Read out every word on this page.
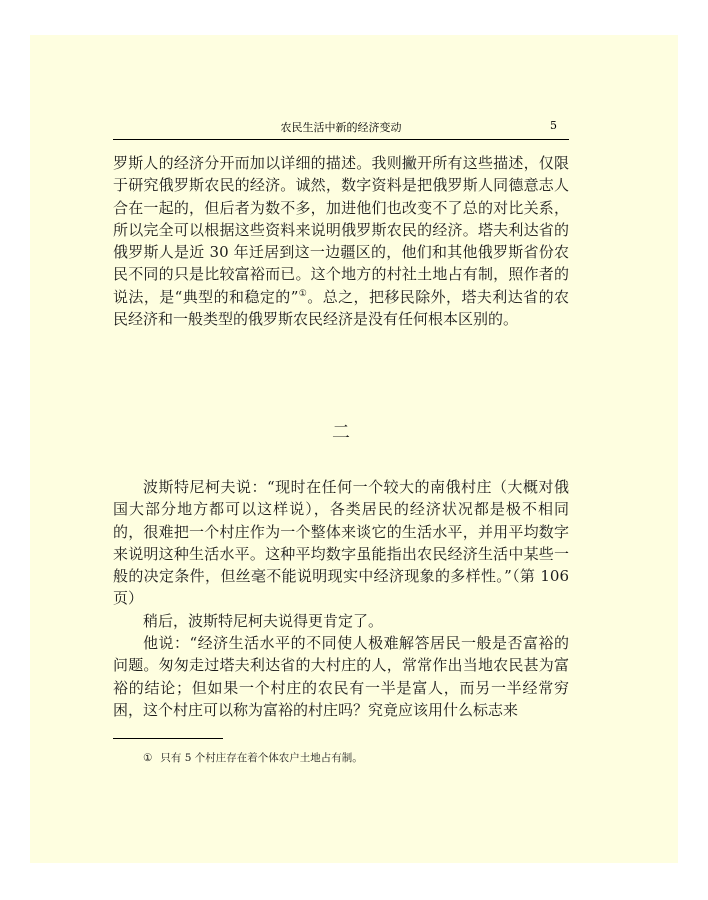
农民生活中新的经济变动	5

罗斯人的经济分开而加以详细的描述。我则撇开所有这些描述，仅限于研究俄罗斯农民的经济。诚然，数字资料是把俄罗斯人同德意志人合在一起的，但后者为数不多，加进他们也改变不了总的对比关系，所以完全可以根据这些资料来说明俄罗斯农民的经济。塔夫利达省的俄罗斯人是近 30 年迁居到这一边疆区的，他们和其他俄罗斯省份农民不同的只是比较富裕而已。这个地方的村社土地占有制，照作者的说法，是“典型的和稳定的”①。总之，把移民除外，塔夫利达省的农民经济和一般类型的俄罗斯农民经济是没有任何根本区别的。

二

波斯特尼柯夫说：“现时在任何一个较大的南俄村庄（大概对俄国大部分地方都可以这样说），各类居民的经济状况都是极不相同的，很难把一个村庄作为一个整体来谈它的生活水平，并用平均数字来说明这种生活水平。这种平均数字虽能指出农民经济生活中某些一般的决定条件，但丝毫不能说明现实中经济现象的多样性。”（第 106 页）

稍后，波斯特尼柯夫说得更肯定了。

他说：“经济生活水平的不同使人极难解答居民一般是否富裕的问题。匆匆走过塔夫利达省的大村庄的人，常常作出当地农民甚为富裕的结论；但如果一个村庄的农民有一半是富人，而另一半经常穷困，这个村庄可以称为富裕的村庄吗？究竟应该用什么标志来

① 只有 5 个村庄存在着个体农户土地占有制。
